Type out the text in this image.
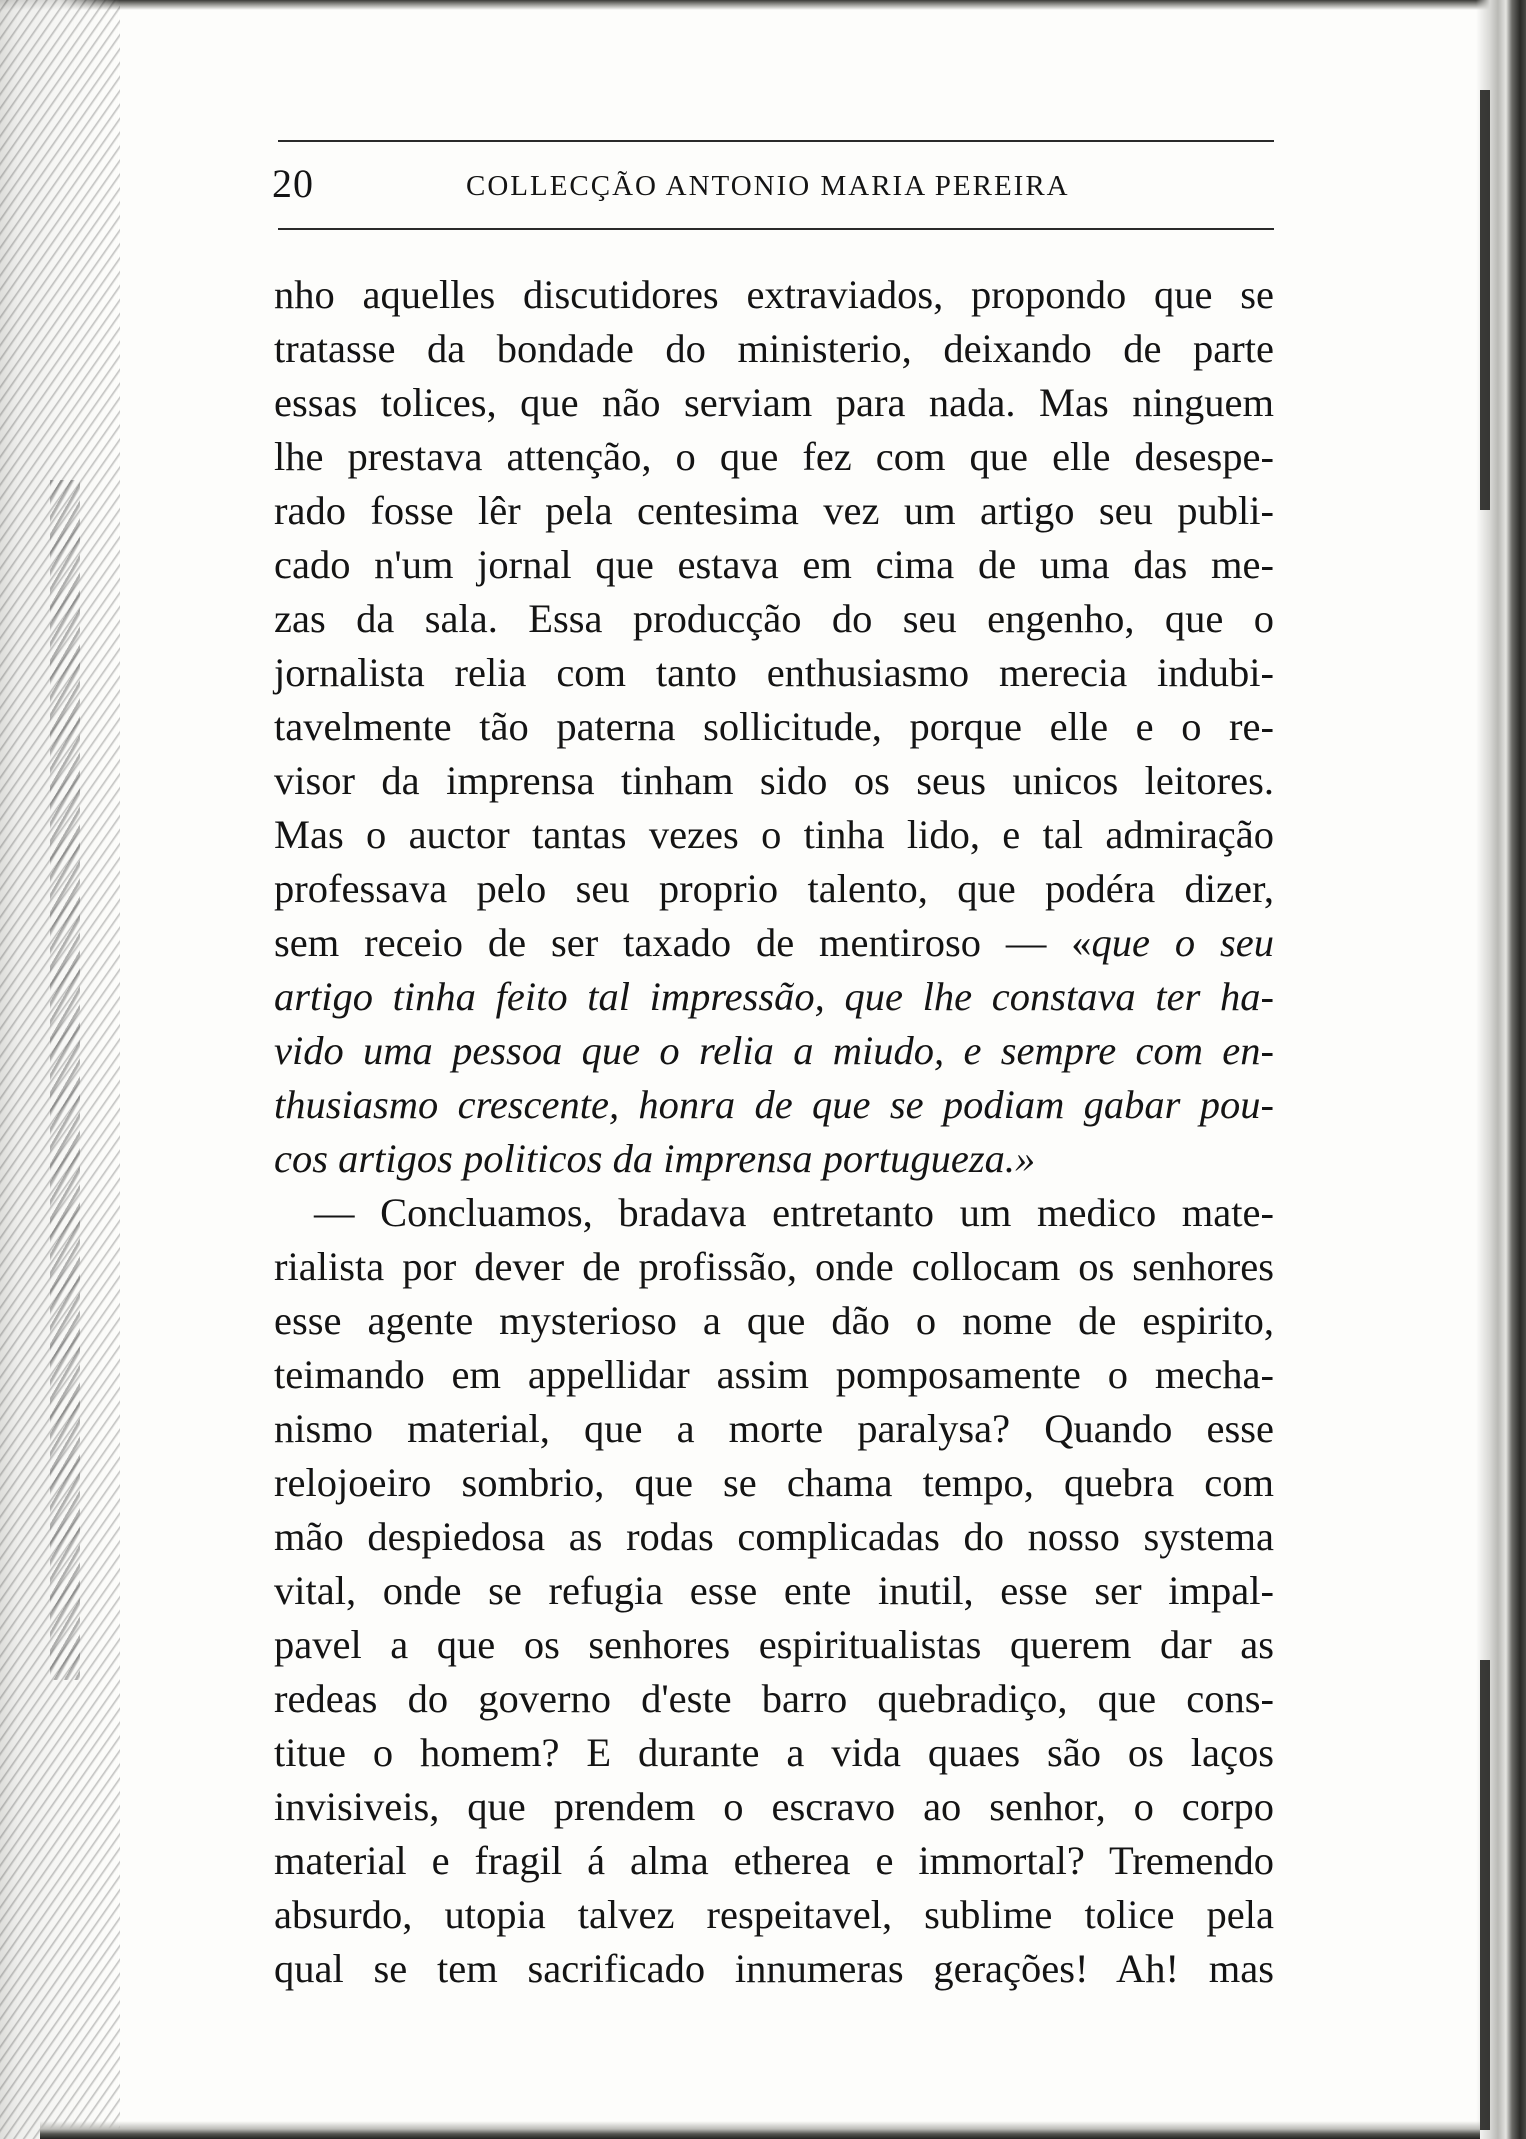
20	COLLECÇÃO ANTONIO MARIA PEREIRA
nho aquelles discutidores extraviados, propondo que se
tratasse da bondade do ministerio, deixando de parte
essas tolices, que não serviam para nada. Mas ninguem
lhe prestava attenção, o que fez com que elle desespe-
rado fosse lêr pela centesima vez um artigo seu publi-
cado n'um jornal que estava em cima de uma das me-
zas da sala. Essa producção do seu engenho, que o
jornalista relia com tanto enthusiasmo merecia indubi-
tavelmente tão paterna sollicitude, porque elle e o re-
visor da imprensa tinham sido os seus unicos leitores.
Mas o auctor tantas vezes o tinha lido, e tal admiração
professava pelo seu proprio talento, que podéra dizer,
sem receio de ser taxado de mentiroso — «que o seu
artigo tinha feito tal impressão, que lhe constava ter ha-
vido uma pessoa que o relia a miudo, e sempre com en-
thusiasmo crescente, honra de que se podiam gabar pou-
cos artigos politicos da imprensa portugueza.»
— Concluamos, bradava entretanto um medico mate-
rialista por dever de profissão, onde collocam os senhores
esse agente mysterioso a que dão o nome de espirito,
teimando em appellidar assim pomposamente o mecha-
nismo material, que a morte paralysa? Quando esse
relojoeiro sombrio, que se chama tempo, quebra com
mão despiedosa as rodas complicadas do nosso systema
vital, onde se refugia esse ente inutil, esse ser impal-
pavel a que os senhores espiritualistas querem dar as
redeas do governo d'este barro quebradiço, que cons-
titue o homem? E durante a vida quaes são os laços
invisiveis, que prendem o escravo ao senhor, o corpo
material e fragil á alma etherea e immortal? Tremendo
absurdo, utopia talvez respeitavel, sublime tolice pela
qual se tem sacrificado innumeras gerações! Ah! mas
